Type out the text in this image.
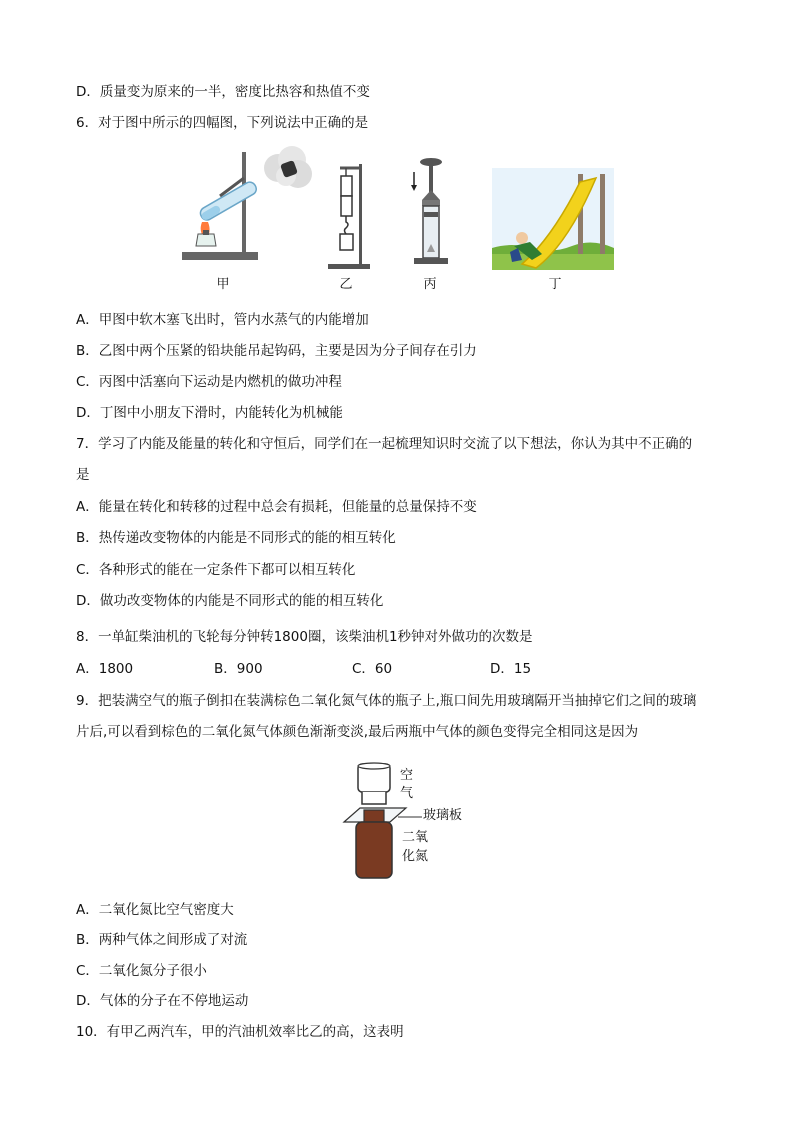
D．质量变为原来的一半，密度比热容和热值不变
6．对于图中所示的四幅图，下列说法中正确的是
甲	乙	丙	丁
A．甲图中软木塞飞出时，管内水蒸气的内能增加
B．乙图中两个压紧的铅块能吊起钩码，主要是因为分子间存在引力
C．丙图中活塞向下运动是内燃机的做功冲程
D．丁图中小朋友下滑时，内能转化为机械能
7．学习了内能及能量的转化和守恒后，同学们在一起梳理知识时交流了以下想法，你认为其中不正确的
是
A．能量在转化和转移的过程中总会有损耗，但能量的总量保持不变
B．热传递改变物体的内能是不同形式的能的相互转化
C．各种形式的能在一定条件下都可以相互转化
D．做功改变物体的内能是不同形式的能的相互转化
8．一单缸柴油机的飞轮每分钟转1800圈，该柴油机1秒钟对外做功的次数是
A．1800	B．900	C．60	D．15
9．把装满空气的瓶子倒扣在装满棕色二氧化氮气体的瓶子上,瓶口间先用玻璃隔开当抽掉它们之间的玻璃
片后,可以看到棕色的二氧化氮气体颜色渐渐变淡,最后两瓶中气体的颜色变得完全相同这是因为
空
气
玻璃板
二氧
化氮
A．二氧化氮比空气密度大
B．两种气体之间形成了对流
C．二氧化氮分子很小
D．气体的分子在不停地运动
10．有甲乙两汽车，甲的汽油机效率比乙的高，这表明
